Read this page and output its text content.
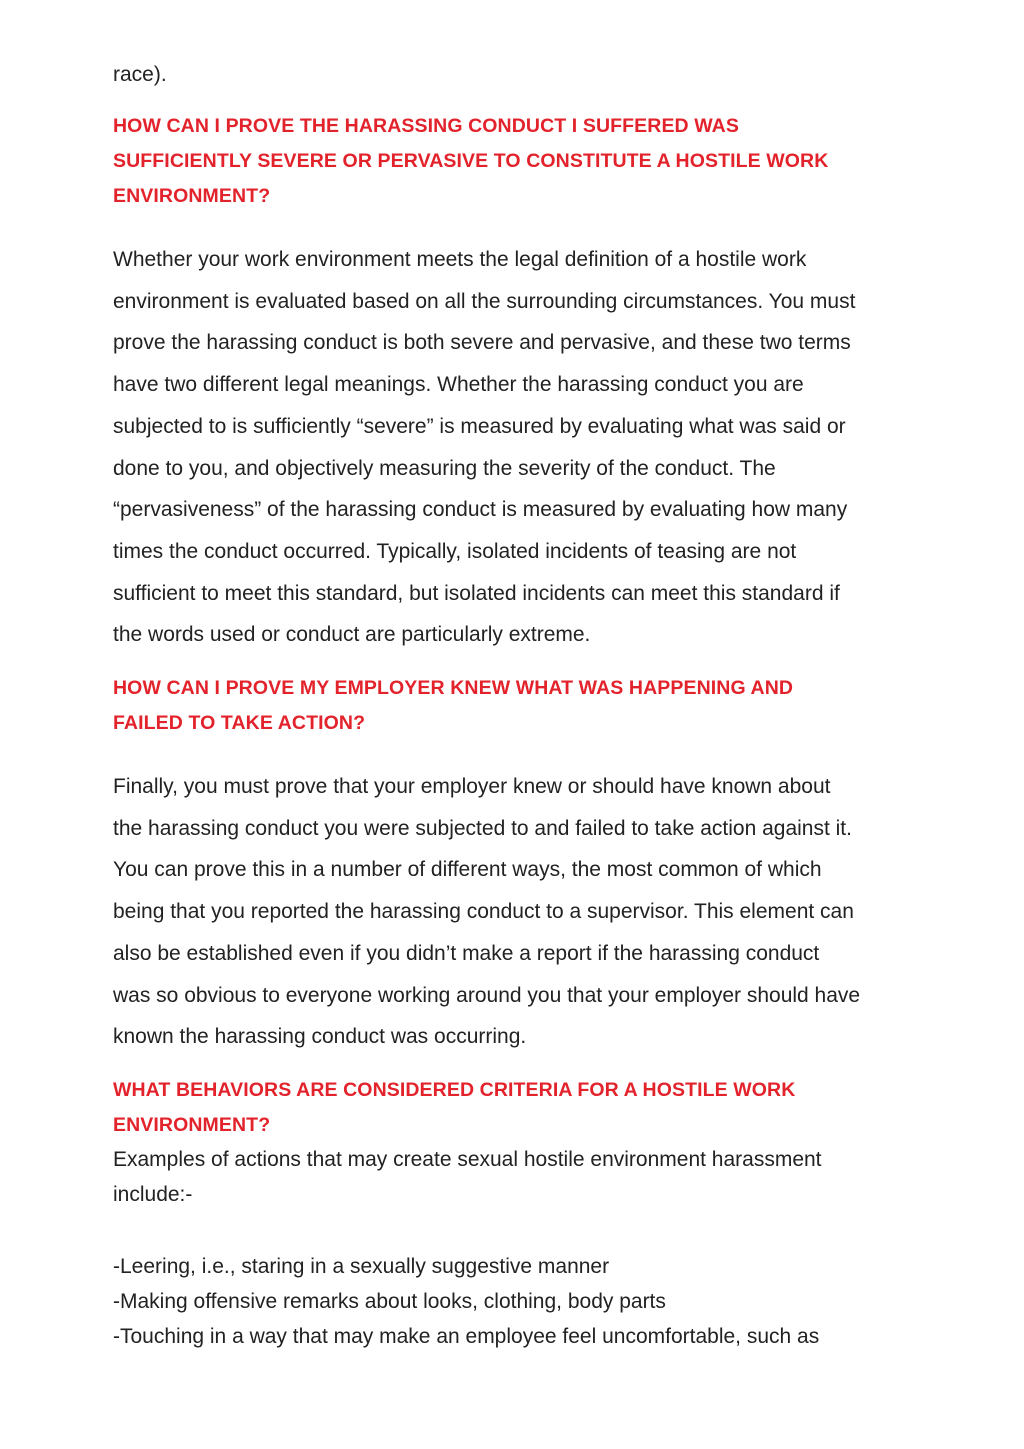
race).

HOW CAN I PROVE THE HARASSING CONDUCT I SUFFERED WAS
SUFFICIENTLY SEVERE OR PERVASIVE TO CONSTITUTE A HOSTILE WORK
ENVIRONMENT?
Whether your work environment meets the legal definition of a hostile work
environment is evaluated based on all the surrounding circumstances. You must
prove the harassing conduct is both severe and pervasive, and these two terms
have two different legal meanings. Whether the harassing conduct you are
subjected to is sufficiently “severe” is measured by evaluating what was said or
done to you, and objectively measuring the severity of the conduct. The
“pervasiveness” of the harassing conduct is measured by evaluating how many
times the conduct occurred. Typically, isolated incidents of teasing are not
sufficient to meet this standard, but isolated incidents can meet this standard if
the words used or conduct are particularly extreme.
HOW CAN I PROVE MY EMPLOYER KNEW WHAT WAS HAPPENING AND
FAILED TO TAKE ACTION?
Finally, you must prove that your employer knew or should have known about
the harassing conduct you were subjected to and failed to take action against it.
You can prove this in a number of different ways, the most common of which
being that you reported the harassing conduct to a supervisor. This element can
also be established even if you didn’t make a report if the harassing conduct
was so obvious to everyone working around you that your employer should have
known the harassing conduct was occurring.
WHAT BEHAVIORS ARE CONSIDERED CRITERIA FOR A HOSTILE WORK
ENVIRONMENT?
Examples of actions that may create sexual hostile environment harassment
include:-
-Leering, i.e., staring in a sexually suggestive manner
-Making offensive remarks about looks, clothing, body parts
-Touching in a way that may make an employee feel uncomfortable, such as
